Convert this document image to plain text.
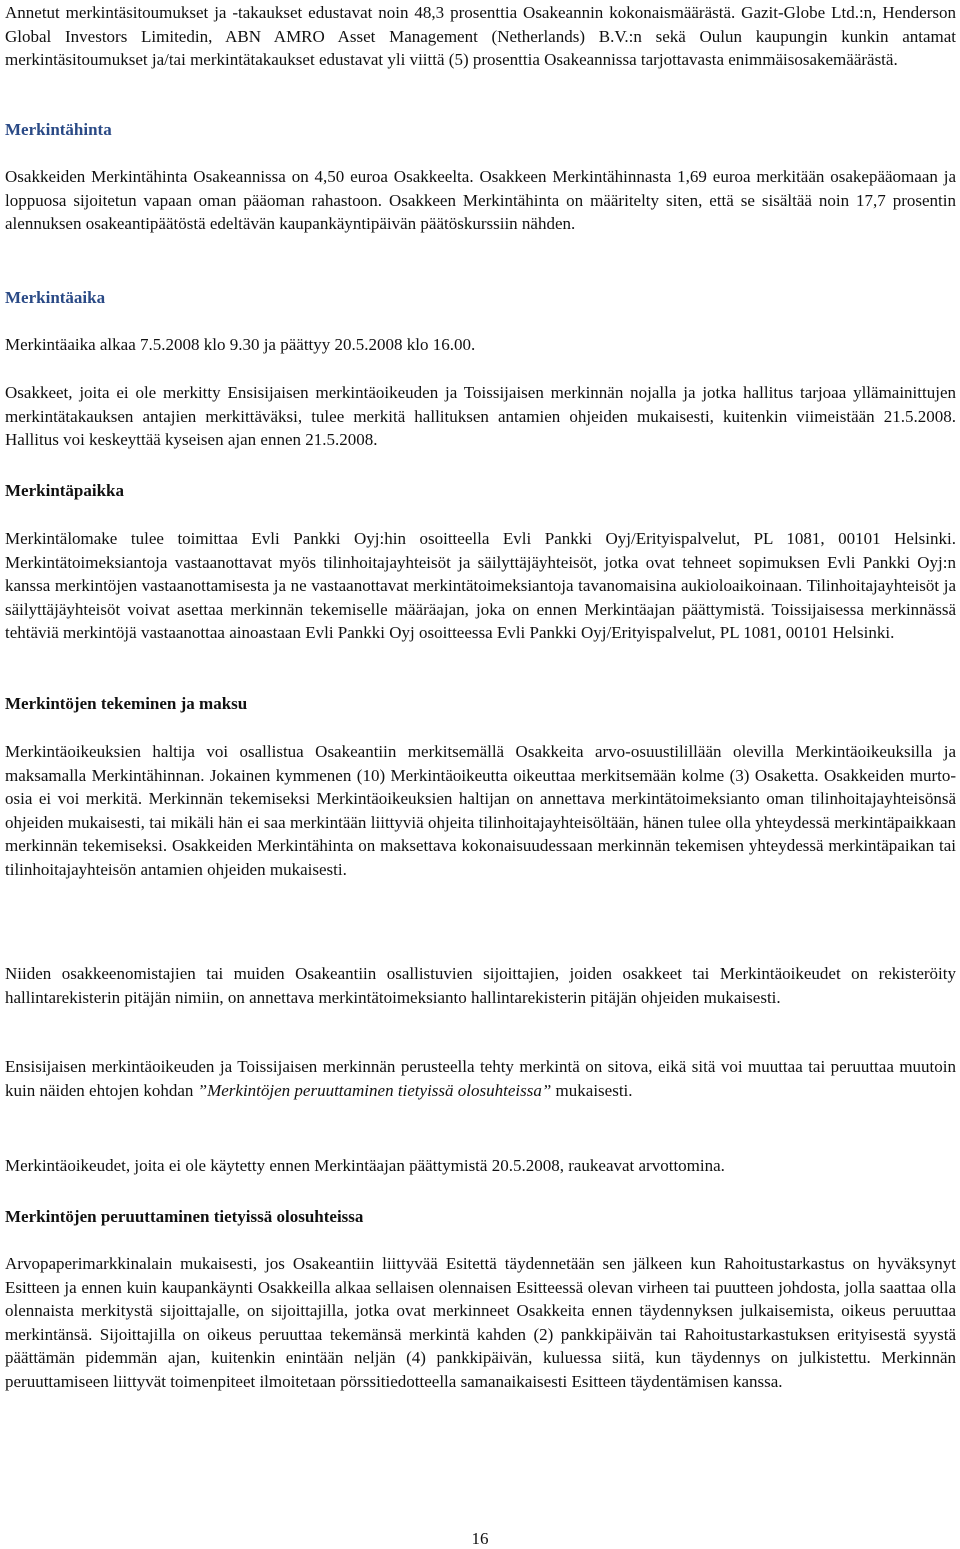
Annetut merkintäsitoumukset ja -takaukset edustavat noin 48,3 prosenttia Osakeannin kokonaismäärästä. Gazit-Globe Ltd.:n, Henderson Global Investors Limitedin, ABN AMRO Asset Management (Netherlands) B.V.:n sekä Oulun kaupungin kunkin antamat merkintäsitoumukset ja/tai merkintätakaukset edustavat yli viittä (5) prosenttia Osakeannissa tarjottavasta enimmäisosakemäärästä.

Merkintähinta

Osakkeiden Merkintähinta Osakeannissa on 4,50 euroa Osakkeelta. Osakkeen Merkintähinnasta 1,69 euroa merkitään osakepääomaan ja loppuosa sijoitetun vapaan oman pääoman rahastoon. Osakkeen Merkintähinta on määritelty siten, että se sisältää noin 17,7 prosentin alennuksen osakeantipäätöstä edeltävän kaupankäyntipäivän päätöskurssiin nähden.

Merkintäaika

Merkintäaika alkaa 7.5.2008 klo 9.30 ja päättyy 20.5.2008 klo 16.00.

Osakkeet, joita ei ole merkitty Ensisijaisen merkintäoikeuden ja Toissijaisen merkinnän nojalla ja jotka hallitus tarjoaa yllämainittujen merkintätakauksen antajien merkittäväksi, tulee merkitä hallituksen antamien ohjeiden mukaisesti, kuitenkin viimeistään 21.5.2008. Hallitus voi keskeyttää kyseisen ajan ennen 21.5.2008.

Merkintäpaikka

Merkintälomake tulee toimittaa Evli Pankki Oyj:hin osoitteella Evli Pankki Oyj/Erityispalvelut, PL 1081, 00101 Helsinki. Merkintätoimeksiantoja vastaanottavat myös tilinhoitajayhteisöt ja säilyttäjäyhteisöt, jotka ovat tehneet sopimuksen Evli Pankki Oyj:n kanssa merkintöjen vastaanottamisesta ja ne vastaanottavat merkintätoimeksiantoja tavanomaisina aukioloaikoinaan. Tilinhoitajayhteisöt ja säilyttäjäyhteisöt voivat asettaa merkinnän tekemiselle määräajan, joka on ennen Merkintäajan päättymistä. Toissijaisessa merkinnässä tehtäviä merkintöjä vastaanottaa ainoastaan Evli Pankki Oyj osoitteessa Evli Pankki Oyj/Erityispalvelut, PL 1081, 00101 Helsinki.

Merkintöjen tekeminen ja maksu

Merkintäoikeuksien haltija voi osallistua Osakeantiin merkitsemällä Osakkeita arvo-osuustilillään olevilla Merkintäoikeuksilla ja maksamalla Merkintähinnan. Jokainen kymmenen (10) Merkintäoikeutta oikeuttaa merkitsemään kolme (3) Osaketta. Osakkeiden murto-osia ei voi merkitä. Merkinnän tekemiseksi Merkintäoikeuksien haltijan on annettava merkintätoimeksianto oman tilinhoitajayhteisönsä ohjeiden mukaisesti, tai mikäli hän ei saa merkintään liittyviä ohjeita tilinhoitajayhteisöltään, hänen tulee olla yhteydessä merkintäpaikkaan merkinnän tekemiseksi. Osakkeiden Merkintähinta on maksettava kokonaisuudessaan merkinnän tekemisen yhteydessä merkintäpaikan tai tilinhoitajayhteisön antamien ohjeiden mukaisesti.

Niiden osakkeenomistajien tai muiden Osakeantiin osallistuvien sijoittajien, joiden osakkeet tai Merkintäoikeudet on rekisteröity hallintarekisterin pitäjän nimiin, on annettava merkintätoimeksianto hallintarekisterin pitäjän ohjeiden mukaisesti.

Ensisijaisen merkintäoikeuden ja Toissijaisen merkinnän perusteella tehty merkintä on sitova, eikä sitä voi muuttaa tai peruuttaa muutoin kuin näiden ehtojen kohdan ”Merkintöjen peruuttaminen tietyissä olosuhteissa” mukaisesti.

Merkintäoikeudet, joita ei ole käytetty ennen Merkintäajan päättymistä 20.5.2008, raukeavat arvottomina.

Merkintöjen peruuttaminen tietyissä olosuhteissa

Arvopaperimarkkinalain mukaisesti, jos Osakeantiin liittyvää Esitettä täydennetään sen jälkeen kun Rahoitustarkastus on hyväksynyt Esitteen ja ennen kuin kaupankäynti Osakkeilla alkaa sellaisen olennaisen Esitteessä olevan virheen tai puutteen johdosta, jolla saattaa olla olennaista merkitystä sijoittajalle, on sijoittajilla, jotka ovat merkinneet Osakkeita ennen täydennyksen julkaisemista, oikeus peruuttaa merkintänsä. Sijoittajilla on oikeus peruuttaa tekemänsä merkintä kahden (2) pankkipäivän tai Rahoitustarkastuksen erityisestä syystä päättämän pidemmän ajan, kuitenkin enintään neljän (4) pankkipäivän, kuluessa siitä, kun täydennys on julkistettu. Merkinnän peruuttamiseen liittyvät toimenpiteet ilmoitetaan pörssitiedotteella samanaikaisesti Esitteen täydentämisen kanssa.

16
